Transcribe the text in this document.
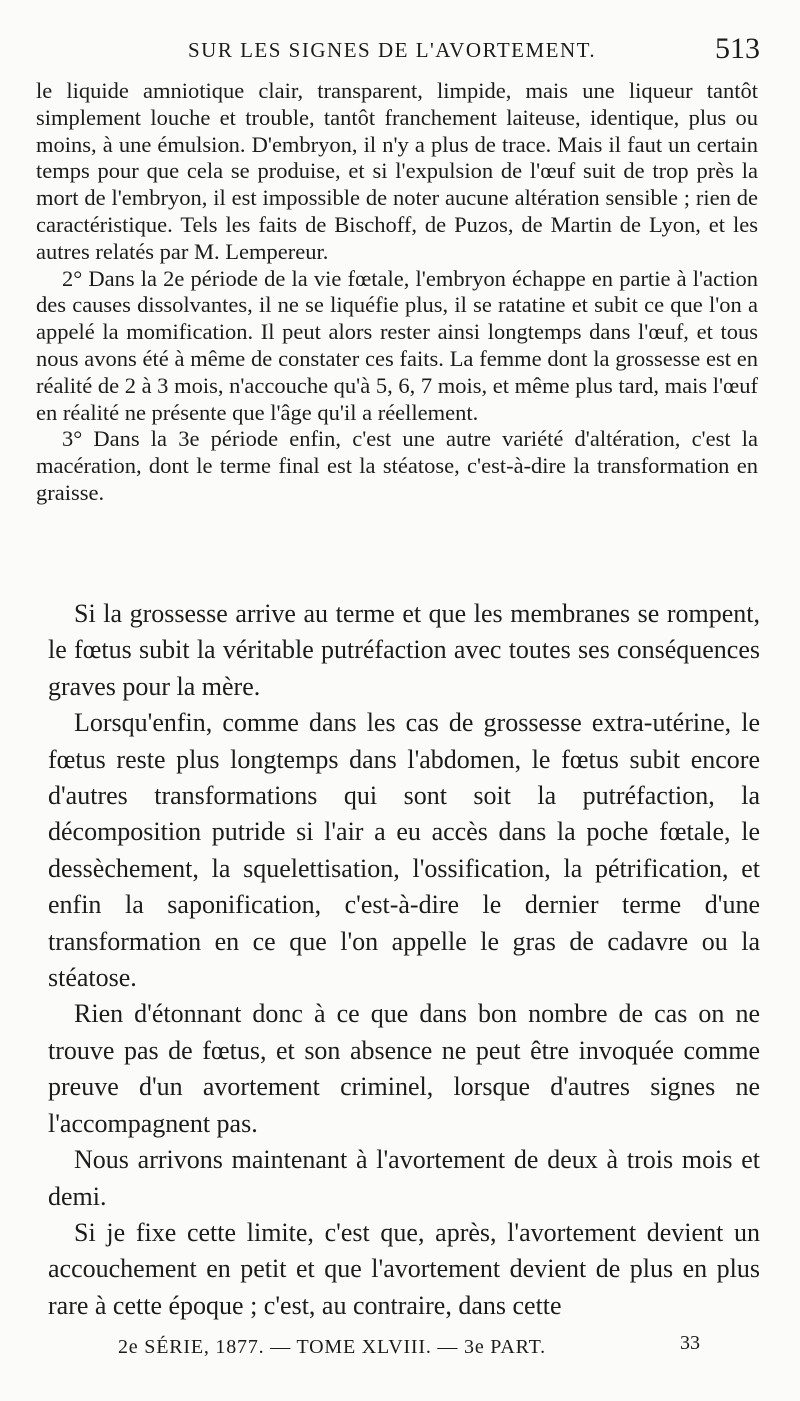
SUR LES SIGNES DE L'AVORTEMENT.	513

le liquide amniotique clair, transparent, limpide, mais une liqueur tantôt simplement louche et trouble, tantôt franchement laiteuse, identique, plus ou moins, à une émulsion. D'embryon, il n'y a plus de trace. Mais il faut un certain temps pour que cela se produise, et si l'expulsion de l'œuf suit de trop près la mort de l'embryon, il est impossible de noter aucune altération sensible ; rien de caractéristique. Tels les faits de Bischoff, de Puzos, de Martin de Lyon, et les autres relatés par M. Lempereur.

2° Dans la 2e période de la vie fœtale, l'embryon échappe en partie à l'action des causes dissolvantes, il ne se liquéfie plus, il se ratatine et subit ce que l'on a appelé la momification. Il peut alors rester ainsi longtemps dans l'œuf, et tous nous avons été à même de constater ces faits. La femme dont la grossesse est en réalité de 2 à 3 mois, n'accouche qu'à 5, 6, 7 mois, et même plus tard, mais l'œuf en réalité ne présente que l'âge qu'il a réellement.

3° Dans la 3e période enfin, c'est une autre variété d'altération, c'est la macération, dont le terme final est la stéatose, c'est-à-dire la transformation en graisse.

Si la grossesse arrive au terme et que les membranes se rompent, le fœtus subit la véritable putréfaction avec toutes ses conséquences graves pour la mère.

Lorsqu'enfin, comme dans les cas de grossesse extra-utérine, le fœtus reste plus longtemps dans l'abdomen, le fœtus subit encore d'autres transformations qui sont soit la putréfaction, la décomposition putride si l'air a eu accès dans la poche fœtale, le dessèchement, la squelettisation, l'ossification, la pétrification, et enfin la saponification, c'est-à-dire le dernier terme d'une transformation en ce que l'on appelle le gras de cadavre ou la stéatose.

Rien d'étonnant donc à ce que dans bon nombre de cas on ne trouve pas de fœtus, et son absence ne peut être invoquée comme preuve d'un avortement criminel, lorsque d'autres signes ne l'accompagnent pas.

Nous arrivons maintenant à l'avortement de deux à trois mois et demi.

Si je fixe cette limite, c'est que, après, l'avortement devient un accouchement en petit et que l'avortement devient de plus en plus rare à cette époque ; c'est, au contraire, dans cette

2e SÉRIE, 1877. — TOME XLVIII. — 3e PART.	33
